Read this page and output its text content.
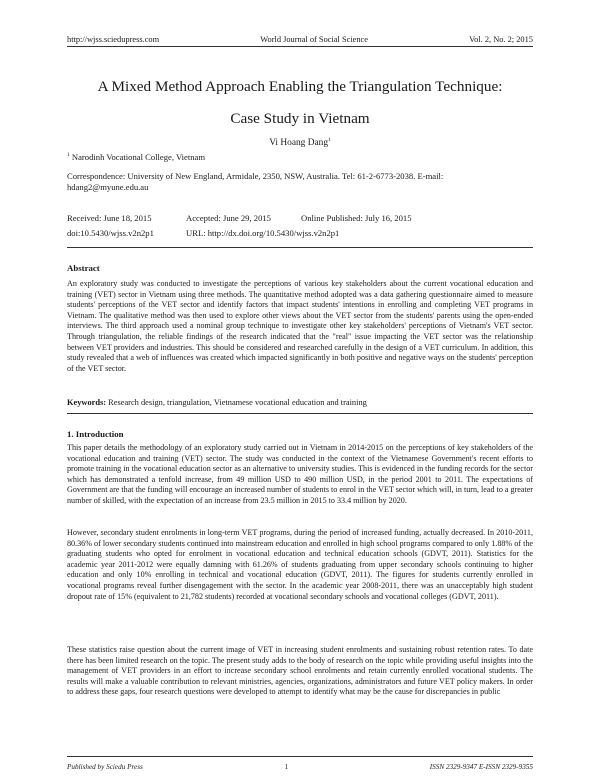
http://wjss.sciedupress.com	World Journal of Social Science	Vol. 2, No. 2; 2015
A Mixed Method Approach Enabling the Triangulation Technique:
Case Study in Vietnam
Vi Hoang Dang$^1$
$^1$ Narodinh Vocational College, Vietnam
Correspondence: University of New England, Armidale, 2350, NSW, Australia. Tel: 61-2-6773-2038. E-mail:
hdang2@myune.edu.au
Received: June 18, 2015	Accepted: June 29, 2015	Online Published: July 16, 2015
doi:10.5430/wjss.v2n2p1	URL: http://dx.doi.org/10.5430/wjss.v2n2p1
Abstract

An exploratory study was conducted to investigate the perceptions of various key stakeholders about the current vocational education and training (VET) sector in Vietnam using three methods. The quantitative method adopted was a data gathering questionnaire aimed to measure students' perceptions of the VET sector and identify factors that impact students' intentions in enrolling and completing VET programs in Vietnam. The qualitative method was then used to explore other views about the VET sector from the students' parents using the open-ended interviews. The third approach used a nominal group technique to investigate other key stakeholders' perceptions of Vietnam's VET sector. Through triangulation, the reliable findings of the research indicated that the "real" issue impacting the VET sector was the relationship between VET providers and industries. This should be considered and researched carefully in the design of a VET curriculum. In addition, this study revealed that a web of influences was created which impacted significantly in both positive and negative ways on the students' perception of the VET sector.

Keywords: Research design, triangulation, Vietnamese vocational education and training
1. Introduction

This paper details the methodology of an exploratory study carried out in Vietnam in 2014-2015 on the perceptions of key stakeholders of the vocational education and training (VET) sector. The study was conducted in the context of the Vietnamese Government's recent efforts to promote training in the vocational education sector as an alternative to university studies. This is evidenced in the funding records for the sector which has demonstrated a tenfold increase, from 49 million USD to 490 million USD, in the period 2001 to 2011. The expectations of Government are that the funding will encourage an increased number of students to enrol in the VET sector which will, in turn, lead to a greater number of skilled, with the expectation of an increase from 23.5 million in 2015 to 33.4 million by 2020.

However, secondary student enrolments in long-term VET programs, during the period of increased funding, actually decreased. In 2010-2011, 80.36% of lower secondary students continued into mainstream education and enrolled in high school programs compared to only 1.88% of the graduating students who opted for enrolment in vocational education and technical education schools (GDVT, 2011). Statistics for the academic year 2011-2012 were equally damning with 61.26% of students graduating from upper secondary schools continuing to higher education and only 10% enrolling in technical and vocational education (GDVT, 2011). The figures for students currently enrolled in vocational programs reveal further disengagement with the sector. In the academic year 2008-2011, there was an unacceptably high student dropout rate of 15% (equivalent to 21,782 students) recorded at vocational secondary schools and vocational colleges (GDVT, 2011).

These statistics raise question about the current image of VET in increasing student enrolments and sustaining robust retention rates. To date there has been limited research on the topic. The present study adds to the body of research on the topic while providing useful insights into the management of VET providers in an effort to increase secondary school enrolments and retain currently enrolled vocational students. The results will make a valuable contribution to relevant ministries, agencies, organizations, administrators and future VET policy makers. In order to address these gaps, four research questions were developed to attempt to identify what may be the cause for discrepancies in public

Published by Sciedu Press	1	ISSN 2329-9347 E-ISSN 2329-9355
